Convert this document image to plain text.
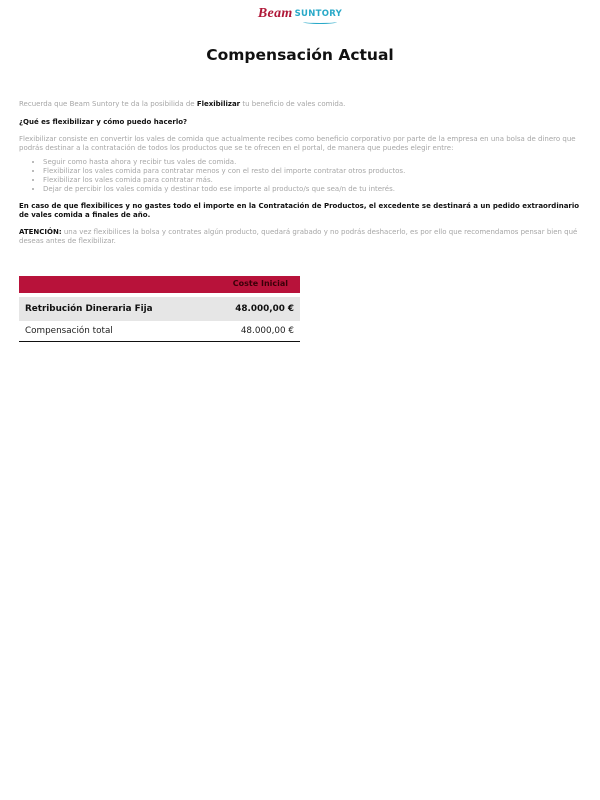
Beam SUNTORY
Compensación Actual

Recuerda que Beam Suntory te da la posibilida de Flexibilizar tu beneficio de vales comida.

¿Qué es flexibilizar y cómo puedo hacerlo?

Flexibilizar consiste en convertir los vales de comida que actualmente recibes como beneficio corporativo por parte de la empresa en una bolsa de dinero que podrás destinar a la contratación de todos los productos que se te ofrecen en el portal, de manera que puedes elegir entre:

• Seguir como hasta ahora y recibir tus vales de comida.
• Flexibilizar los vales comida para contratar menos y con el resto del importe contratar otros productos.
• Flexibilizar los vales comida para contratar más.
• Dejar de percibir los vales comida y destinar todo ese importe al producto/s que sea/n de tu interés.

En caso de que flexibilices y no gastes todo el importe en la Contratación de Productos, el excedente se destinará a un pedido extraordinario de vales comida a finales de año.

ATENCIÓN: una vez flexibilices la bolsa y contrates algún producto, quedará grabado y no podrás deshacerlo, es por ello que recomendamos pensar bien qué deseas antes de flexibilizar.

Coste Inicial
Retribución Dineraria Fija	48.000,00 €
Compensación total	48.000,00 €
